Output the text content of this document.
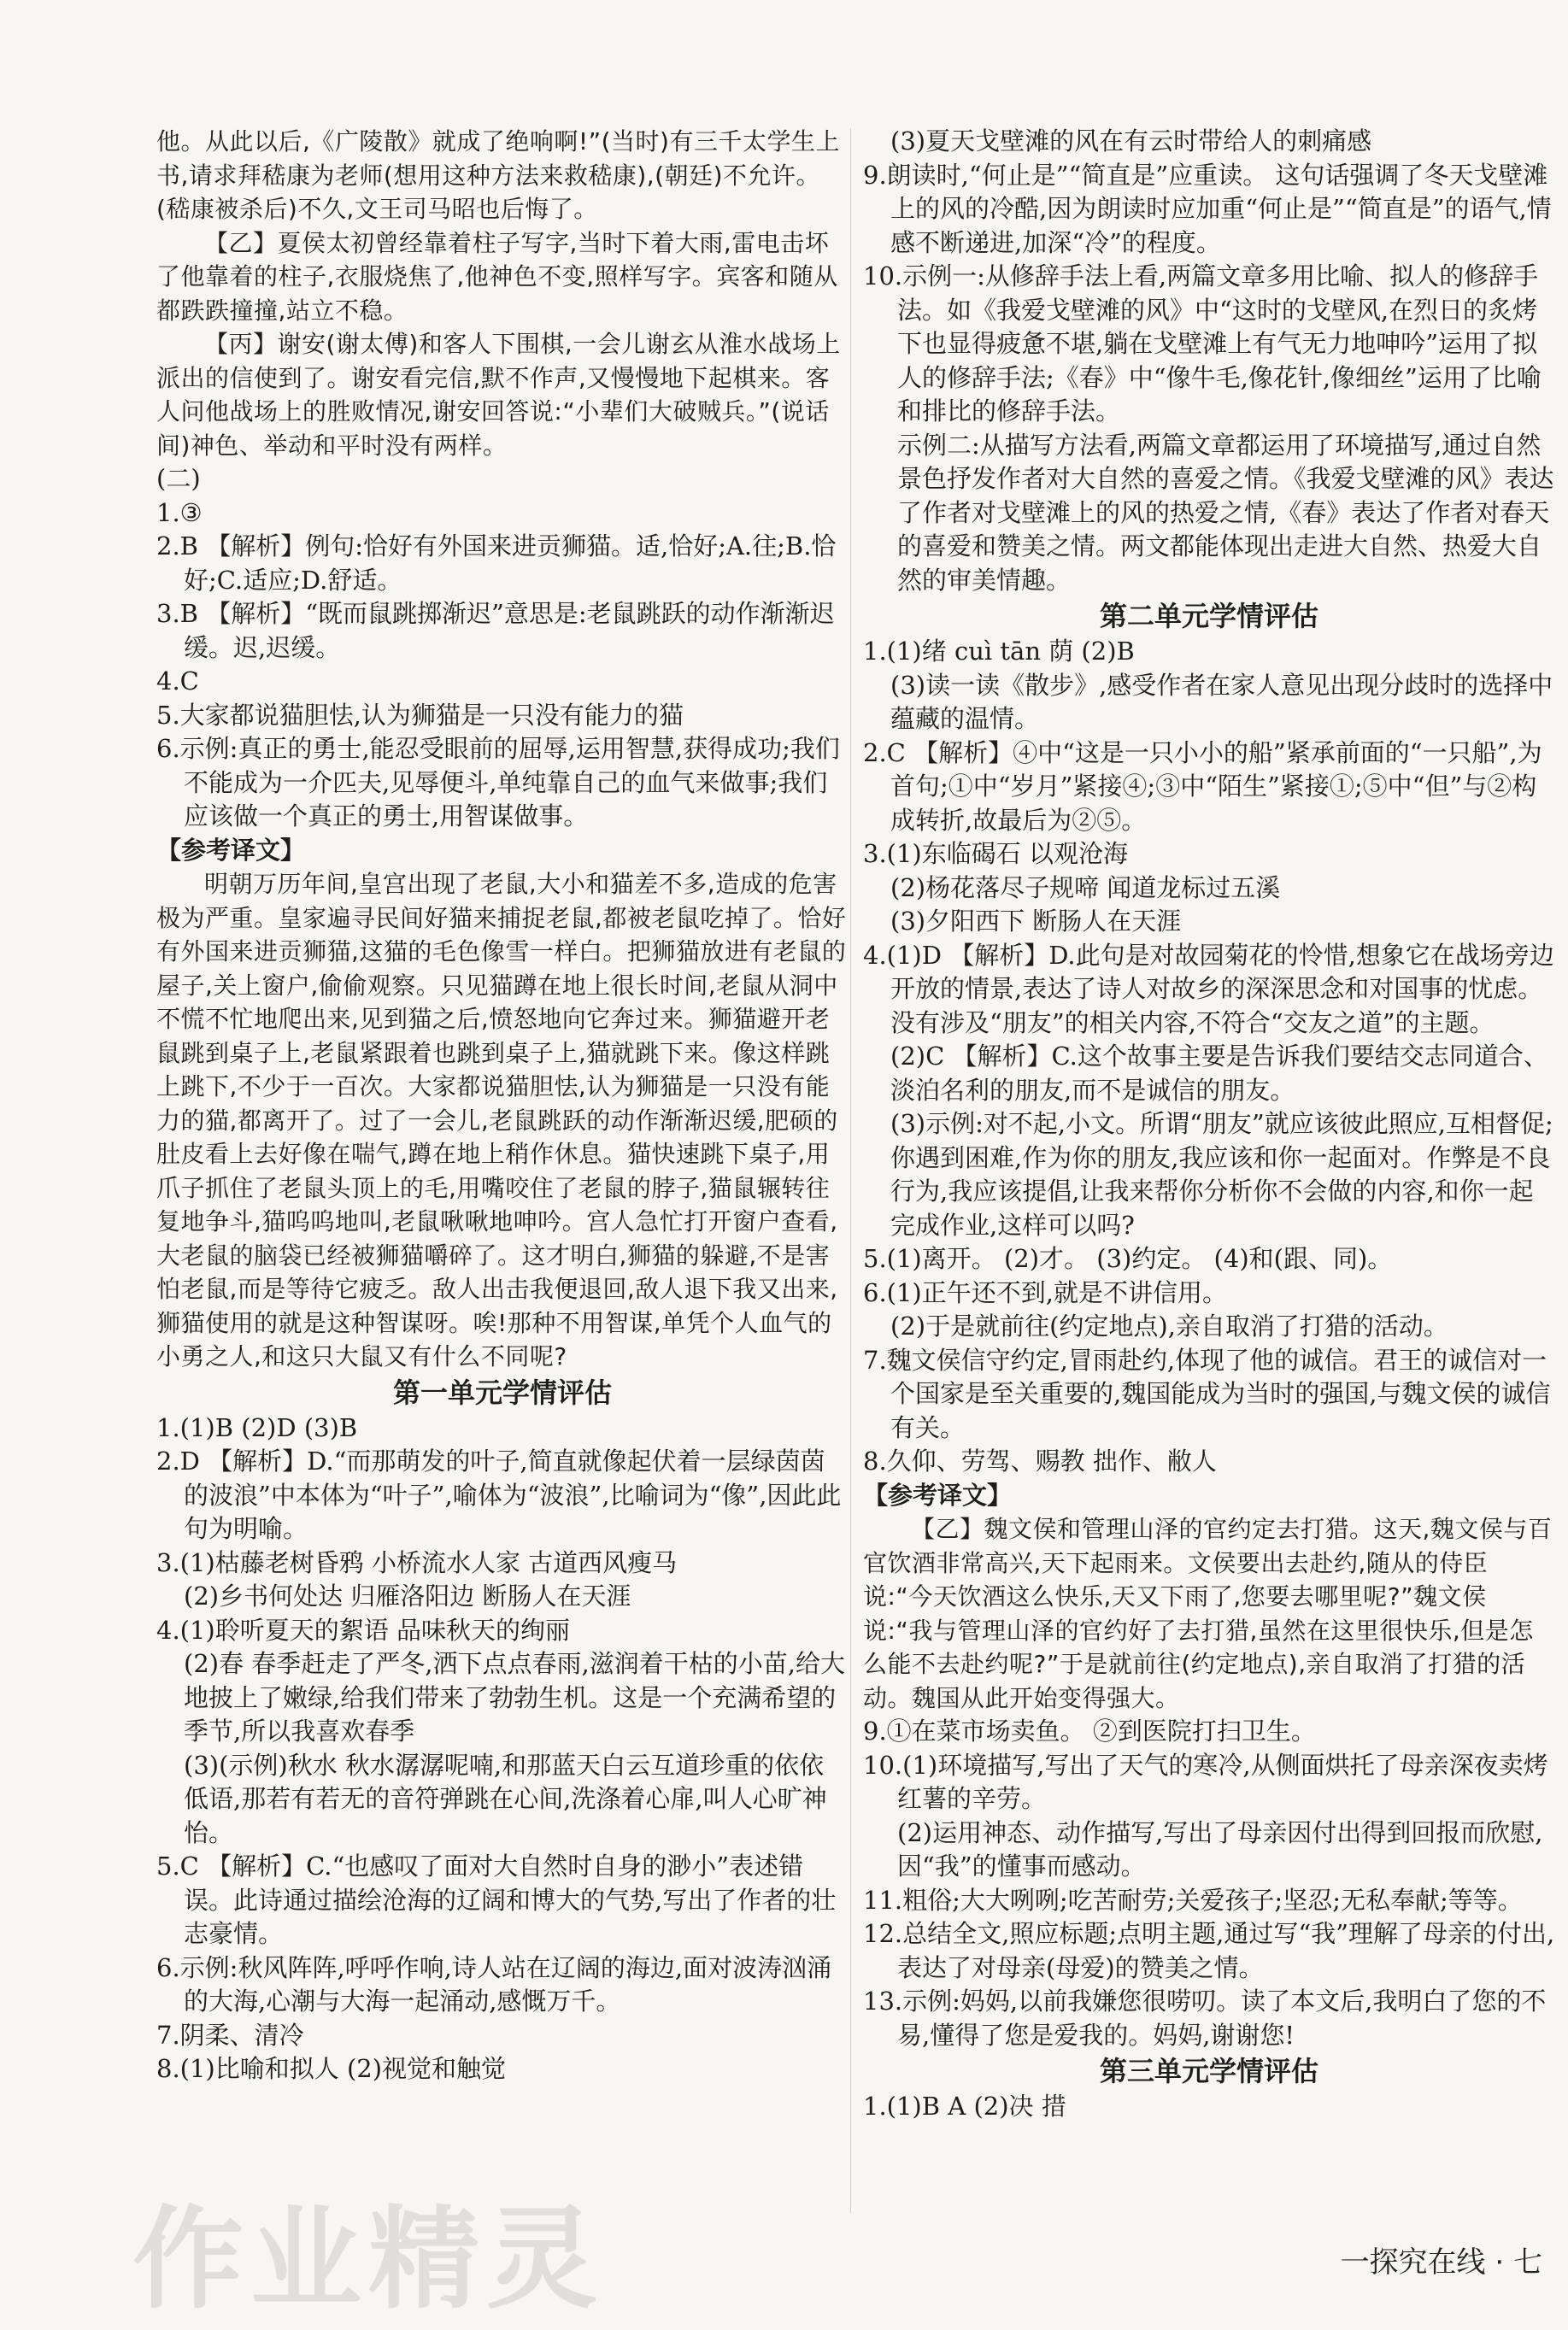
他。从此以后,《广陵散》就成了绝响啊!”(当时)有三千太学生上书,请求拜嵇康为老师(想用这种方法来救嵇康),(朝廷)不允许。(嵇康被杀后)不久,文王司马昭也后悔了。

【乙】夏侯太初曾经靠着柱子写字,当时下着大雨,雷电击坏了他靠着的柱子,衣服烧焦了,他神色不变,照样写字。宾客和随从都跌跌撞撞,站立不稳。

【丙】谢安(谢太傅)和客人下围棋,一会儿谢玄从淮水战场上派出的信使到了。谢安看完信,默不作声,又慢慢地下起棋来。客人问他战场上的胜败情况,谢安回答说:“小辈们大破贼兵。”(说话间)神色、举动和平时没有两样。

(二)

1.③

2.B 【解析】例句:恰好有外国来进贡狮猫。适,恰好;A.往;B.恰好;C.适应;D.舒适。

3.B 【解析】“既而鼠跳掷渐迟”意思是:老鼠跳跃的动作渐渐迟缓。迟,迟缓。

4.C

5.大家都说猫胆怯,认为狮猫是一只没有能力的猫

6.示例:真正的勇士,能忍受眼前的屈辱,运用智慧,获得成功;我们不能成为一介匹夫,见辱便斗,单纯靠自己的血气来做事;我们应该做一个真正的勇士,用智谋做事。

【参考译文】

明朝万历年间,皇宫出现了老鼠,大小和猫差不多,造成的危害极为严重。皇家遍寻民间好猫来捕捉老鼠,都被老鼠吃掉了。恰好有外国来进贡狮猫,这猫的毛色像雪一样白。把狮猫放进有老鼠的屋子,关上窗户,偷偷观察。只见猫蹲在地上很长时间,老鼠从洞中不慌不忙地爬出来,见到猫之后,愤怒地向它奔过来。狮猫避开老鼠跳到桌子上,老鼠紧跟着也跳到桌子上,猫就跳下来。像这样跳上跳下,不少于一百次。大家都说猫胆怯,认为狮猫是一只没有能力的猫,都离开了。过了一会儿,老鼠跳跃的动作渐渐迟缓,肥硕的肚皮看上去好像在喘气,蹲在地上稍作休息。猫快速跳下桌子,用爪子抓住了老鼠头顶上的毛,用嘴咬住了老鼠的脖子,猫鼠辗转往复地争斗,猫呜呜地叫,老鼠啾啾地呻吟。宫人急忙打开窗户查看,大老鼠的脑袋已经被狮猫嚼碎了。这才明白,狮猫的躲避,不是害怕老鼠,而是等待它疲乏。敌人出击我便退回,敌人退下我又出来,狮猫使用的就是这种智谋呀。唉!那种不用智谋,单凭个人血气的小勇之人,和这只大鼠又有什么不同呢?

第一单元学情评估

1.(1)B (2)D (3)B

2.D 【解析】D.“而那萌发的叶子,简直就像起伏着一层绿茵茵的波浪”中本体为“叶子”,喻体为“波浪”,比喻词为“像”,因此此句为明喻。

3.(1)枯藤老树昏鸦 小桥流水人家 古道西风瘦马

(2)乡书何处达 归雁洛阳边 断肠人在天涯

4.(1)聆听夏天的絮语 品味秋天的绚丽

(2)春 春季赶走了严冬,洒下点点春雨,滋润着干枯的小苗,给大地披上了嫩绿,给我们带来了勃勃生机。这是一个充满希望的季节,所以我喜欢春季

(3)(示例)秋水 秋水潺潺呢喃,和那蓝天白云互道珍重的依依低语,那若有若无的音符弹跳在心间,洗涤着心扉,叫人心旷神怡。

5.C 【解析】C.“也感叹了面对大自然时自身的渺小”表述错误。此诗通过描绘沧海的辽阔和博大的气势,写出了作者的壮志豪情。

6.示例:秋风阵阵,呼呼作响,诗人站在辽阔的海边,面对波涛汹涌的大海,心潮与大海一起涌动,感慨万千。

7.阴柔、清冷

8.(1)比喻和拟人 (2)视觉和触觉

(3)夏天戈壁滩的风在有云时带给人的刺痛感

9.朗读时,“何止是”“简直是”应重读。 这句话强调了冬天戈壁滩上的风的冷酷,因为朗读时应加重“何止是”“简直是”的语气,情感不断递进,加深“冷”的程度。

10.示例一:从修辞手法上看,两篇文章多用比喻、拟人的修辞手法。如《我爱戈壁滩的风》中“这时的戈壁风,在烈日的炙烤下也显得疲惫不堪,躺在戈壁滩上有气无力地呻吟”运用了拟人的修辞手法;《春》中“像牛毛,像花针,像细丝”运用了比喻和排比的修辞手法。

示例二:从描写方法看,两篇文章都运用了环境描写,通过自然景色抒发作者对大自然的喜爱之情。《我爱戈壁滩的风》表达了作者对戈壁滩上的风的热爱之情,《春》表达了作者对春天的喜爱和赞美之情。两文都能体现出走进大自然、热爱大自然的审美情趣。

第二单元学情评估

1.(1)绪 cuì tān 荫 (2)B

(3)读一读《散步》,感受作者在家人意见出现分歧时的选择中蕴藏的温情。

2.C 【解析】④中“这是一只小小的船”紧承前面的“一只船”,为首句;①中“岁月”紧接④;③中“陌生”紧接①;⑤中“但”与②构成转折,故最后为②⑤。

3.(1)东临碣石 以观沧海

(2)杨花落尽子规啼 闻道龙标过五溪

(3)夕阳西下 断肠人在天涯

4.(1)D 【解析】D.此句是对故园菊花的怜惜,想象它在战场旁边开放的情景,表达了诗人对故乡的深深思念和对国事的忧虑。没有涉及“朋友”的相关内容,不符合“交友之道”的主题。

(2)C 【解析】C.这个故事主要是告诉我们要结交志同道合、淡泊名利的朋友,而不是诚信的朋友。

(3)示例:对不起,小文。所谓“朋友”就应该彼此照应,互相督促;你遇到困难,作为你的朋友,我应该和你一起面对。作弊是不良行为,我应该提倡,让我来帮你分析你不会做的内容,和你一起完成作业,这样可以吗?

5.(1)离开。 (2)才。 (3)约定。 (4)和(跟、同)。

6.(1)正午还不到,就是不讲信用。

(2)于是就前往(约定地点),亲自取消了打猎的活动。

7.魏文侯信守约定,冒雨赴约,体现了他的诚信。君王的诚信对一个国家是至关重要的,魏国能成为当时的强国,与魏文侯的诚信有关。

8.久仰、劳驾、赐教 拙作、敝人

【参考译文】

【乙】魏文侯和管理山泽的官约定去打猎。这天,魏文侯与百官饮酒非常高兴,天下起雨来。文侯要出去赴约,随从的侍臣说:“今天饮酒这么快乐,天又下雨了,您要去哪里呢?”魏文侯说:“我与管理山泽的官约好了去打猎,虽然在这里很快乐,但是怎么能不去赴约呢?”于是就前往(约定地点),亲自取消了打猎的活动。魏国从此开始变得强大。

9.①在菜市场卖鱼。 ②到医院打扫卫生。

10.(1)环境描写,写出了天气的寒冷,从侧面烘托了母亲深夜卖烤红薯的辛劳。

(2)运用神态、动作描写,写出了母亲因付出得到回报而欣慰,因“我”的懂事而感动。

11.粗俗;大大咧咧;吃苦耐劳;关爱孩子;坚忍;无私奉献;等等。

12.总结全文,照应标题;点明主题,通过写“我”理解了母亲的付出,表达了对母亲(母爱)的赞美之情。

13.示例:妈妈,以前我嫌您很唠叨。读了本文后,我明白了您的不易,懂得了您是爱我的。妈妈,谢谢您!

第三单元学情评估

1.(1)B A (2)决 措

作业精灵	一探究在线 · 七
